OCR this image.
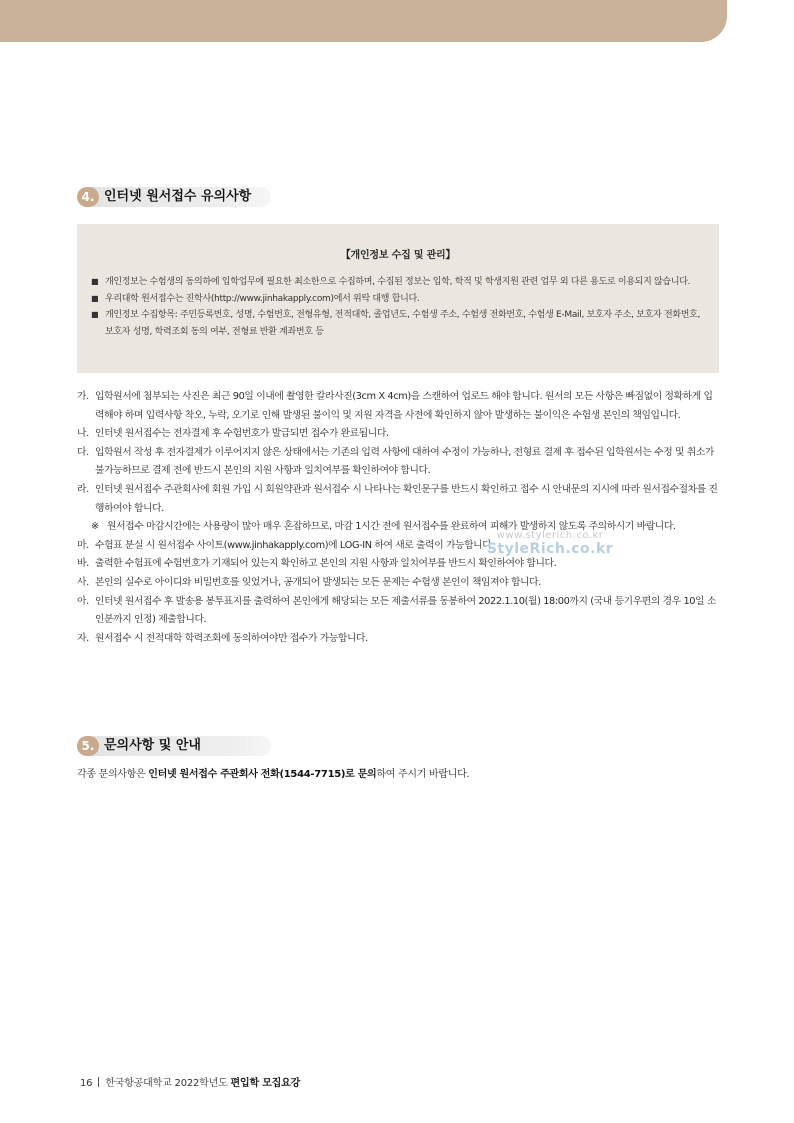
4. 인터넷 원서접수 유의사항
【개인정보 수집 및 관리】
■ 개인정보는 수험생의 동의하에 입학업무에 필요한 최소한으로 수집하며, 수집된 정보는 입학, 학적 및 학생지원 관련 업무 외 다른 용도로 이용되지 않습니다.
■ 우리대학 원서접수는 진학사(http://www.jinhakapply.com)에서 위탁 대행 합니다.
■ 개인정보 수집항목: 주민등록번호, 성명, 수험번호, 전형유형, 전적대학, 졸업년도, 수험생 주소, 수험생 전화번호, 수험생 E-Mail, 보호자 주소, 보호자 전화번호, 보호자 성명, 학력조회 동의 여부, 전형료 반환 계좌번호 등
가. 입학원서에 첨부되는 사진은 최근 90일 이내에 촬영한 칼라사진(3cm X 4cm)을 스캔하여 업로드 해야 합니다. 원서의 모든 사항은 빠짐없이 정확하게 입력해야 하며 입력사항 착오, 누락, 오기로 인해 발생된 불이익 및 지원 자격을 사전에 확인하지 않아 발생하는 불이익은 수험생 본인의 책임입니다.
나. 인터넷 원서접수는 전자결제 후 수험번호가 발급되면 접수가 완료됩니다.
다. 입학원서 작성 후 전자결제가 이루어지지 않은 상태에서는 기존의 입력 사항에 대하여 수정이 가능하나, 전형료 결제 후 접수된 입학원서는 수정 및 취소가 불가능하므로 결제 전에 반드시 본인의 지원 사항과 일치여부를 확인하여야 합니다.
라. 인터넷 원서접수 주관회사에 회원 가입 시 회원약관과 원서접수 시 나타나는 확인문구를 반드시 확인하고 접수 시 안내문의 지시에 따라 원서접수절차를 진행하여야 합니다.
※ 원서접수 마감시간에는 사용량이 많아 매우 혼잡하므로, 마감 1시간 전에 원서접수를 완료하여 피해가 발생하지 않도록 주의하시기 바랍니다.
마. 수험표 분실 시 원서접수 사이트(www.jinhakapply.com)에 LOG-IN 하여 새로 출력이 가능합니다.
바. 출력한 수험표에 수험번호가 기재되어 있는지 확인하고 본인의 지원 사항과 일치여부를 반드시 확인하여야 합니다.
사. 본인의 실수로 아이디와 비밀번호를 잊었거나, 공개되어 발생되는 모든 문제는 수험생 본인이 책임져야 합니다.
아. 인터넷 원서접수 후 발송용 봉투표지를 출력하여 본인에게 해당되는 모든 제출서류를 동봉하여 2022.1.10(월) 18:00까지 (국내 등기우편의 경우 10일 소인분까지 인정) 제출합니다.
자. 원서접수 시 전적대학 학력조회에 동의하여야만 접수가 가능합니다.
www.stylerich.co.kr
StyleRich.co.kr
5. 문의사항 및 안내
각종 문의사항은 인터넷 원서접수 주관회사 전화(1544-7715)로 문의하여 주시기 바랍니다.
16 한국항공대학교 2022학년도 편입학 모집요강
